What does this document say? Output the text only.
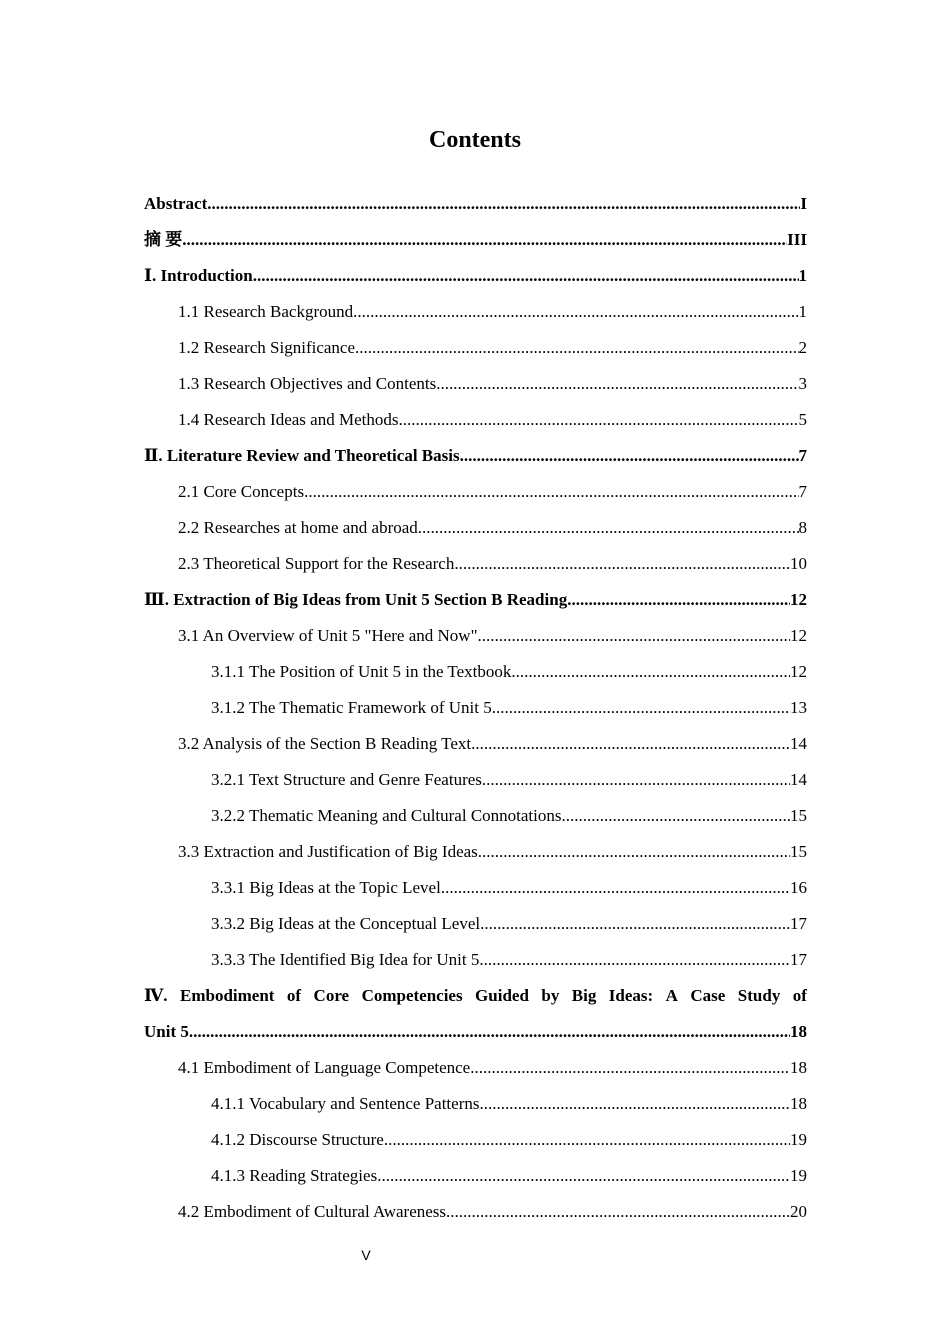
Contents
Abstract .....	I
摘 要 .....	III
Ⅰ. Introduction .....	1
1.1 Research Background .....	1
1.2 Research Significance .....	2
1.3 Research Objectives and Contents .....	3
1.4 Research Ideas and Methods .....	5
Ⅱ. Literature Review and Theoretical Basis .....	7
2.1 Core Concepts .....	7
2.2 Researches at home and abroad .....	8
2.3 Theoretical Support for the Research .....	10
Ⅲ. Extraction of Big Ideas from Unit 5 Section B Reading .....	12
3.1 An Overview of Unit 5 "Here and Now" .....	12
3.1.1 The Position of Unit 5 in the Textbook .....	12
3.1.2 The Thematic Framework of Unit 5 .....	13
3.2 Analysis of the Section B Reading Text .....	14
3.2.1 Text Structure and Genre Features .....	14
3.2.2 Thematic Meaning and Cultural Connotations .....	15
3.3 Extraction and Justification of Big Ideas .....	15
3.3.1 Big Ideas at the Topic Level .....	16
3.3.2 Big Ideas at the Conceptual Level .....	17
3.3.3 The Identified Big Idea for Unit 5 .....	17
Ⅳ. Embodiment of Core Competencies Guided by Big Ideas: A Case Study of
Unit 5 .....	18
4.1 Embodiment of Language Competence .....	18
4.1.1 Vocabulary and Sentence Patterns .....	18
4.1.2 Discourse Structure .....	19
4.1.3 Reading Strategies .....	19
4.2 Embodiment of Cultural Awareness .....	20
V
